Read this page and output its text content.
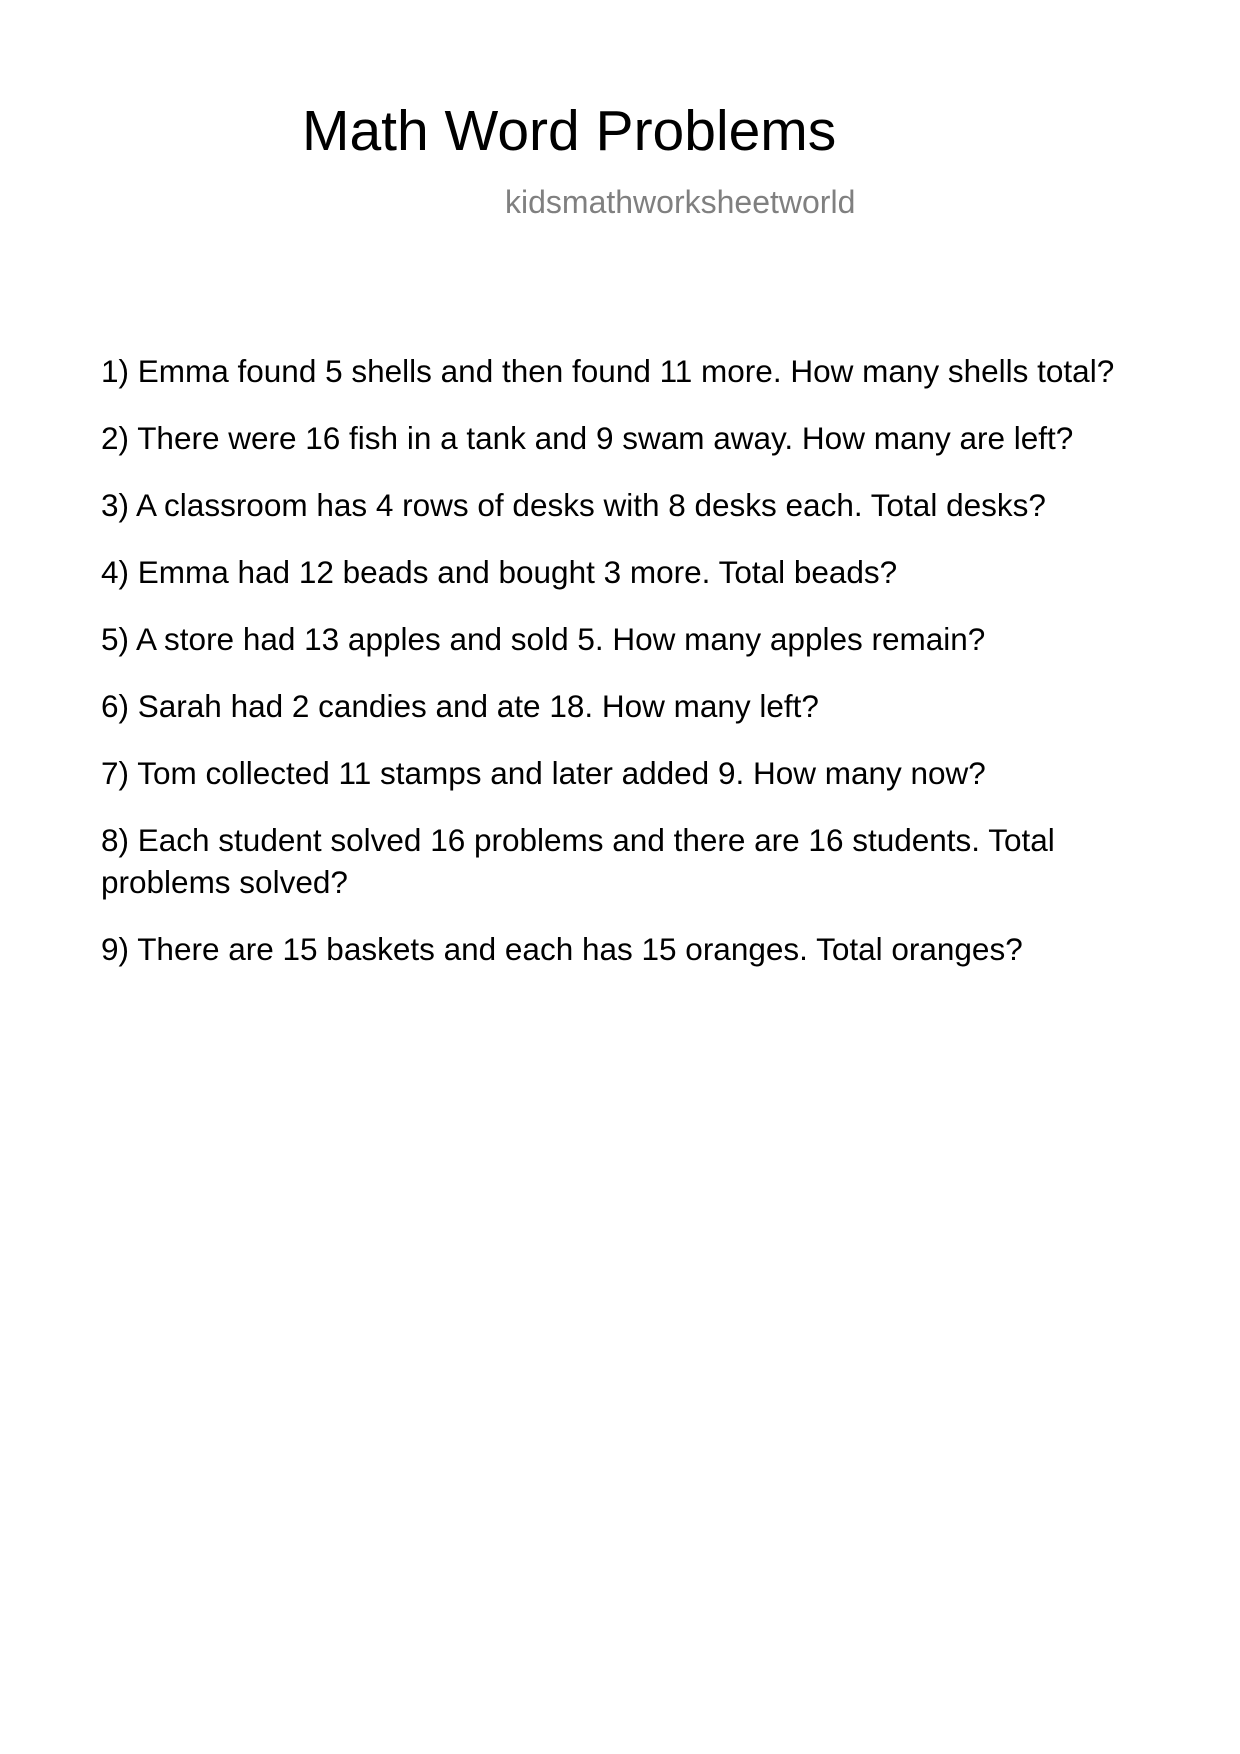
Math Word Problems
kidsmathworksheetworld
1) Emma found 5 shells and then found 11 more. How many shells total?
2) There were 16 fish in a tank and 9 swam away. How many are left?
3) A classroom has 4 rows of desks with 8 desks each. Total desks?
4) Emma had 12 beads and bought 3 more. Total beads?
5) A store had 13 apples and sold 5. How many apples remain?
6) Sarah had 2 candies and ate 18. How many left?
7) Tom collected 11 stamps and later added 9. How many now?
8) Each student solved 16 problems and there are 16 students. Total problems solved?
9) There are 15 baskets and each has 15 oranges. Total oranges?
